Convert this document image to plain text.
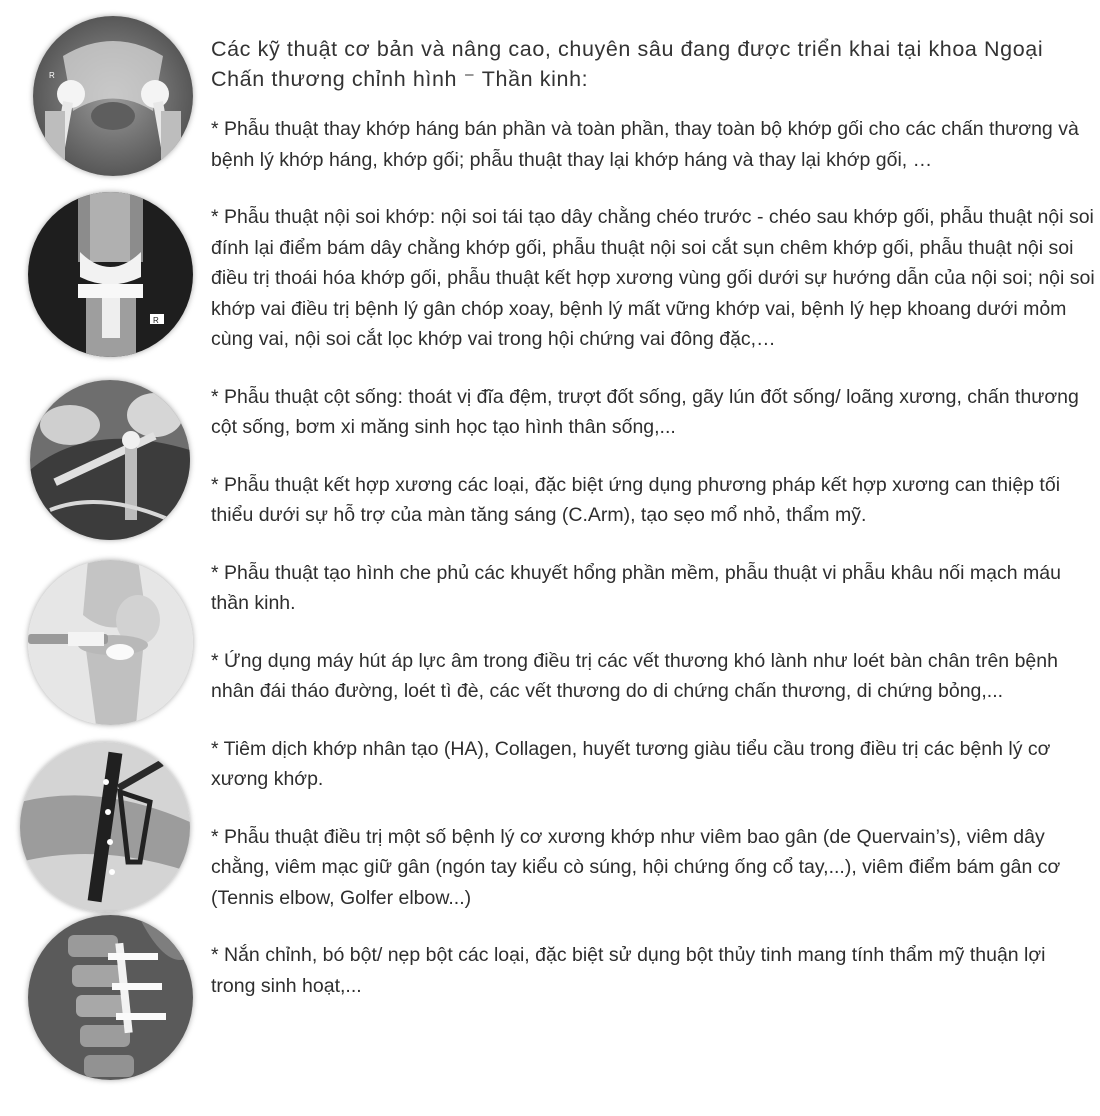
R
R

Các kỹ thuật cơ bản và nâng cao, chuyên sâu đang được triển khai tại khoa Ngoại Chấn thương chỉnh hình ⁻ Thần kinh:

* Phẫu thuật thay khớp háng bán phần và toàn phần, thay toàn bộ khớp gối cho các chấn thương và bệnh lý khớp háng, khớp gối; phẫu thuật thay lại khớp háng và thay lại khớp gối, …

* Phẫu thuật nội soi khớp: nội soi tái tạo dây chằng chéo trước - chéo sau khớp gối, phẫu thuật nội soi đính lại điểm bám dây chằng khớp gối, phẫu thuật nội soi cắt sụn chêm khớp gối, phẫu thuật nội soi điều trị thoái hóa khớp gối, phẫu thuật kết hợp xương vùng gối dưới sự hướng dẫn của nội soi; nội soi khớp vai điều trị bệnh lý gân chóp xoay, bệnh lý mất vững khớp vai, bệnh lý hẹp khoang dưới mỏm cùng vai, nội soi cắt lọc khớp vai trong hội chứng vai đông đặc,…

* Phẫu thuật cột sống: thoát vị đĩa đệm, trượt đốt sống, gãy lún đốt sống/ loãng xương, chấn thương cột sống, bơm xi măng sinh học tạo hình thân sống,...

* Phẫu thuật kết hợp xương các loại, đặc biệt ứng dụng phương pháp kết hợp xương can thiệp tối thiểu dưới sự hỗ trợ của màn tăng sáng (C.Arm), tạo sẹo mổ nhỏ, thẩm mỹ.

* Phẫu thuật tạo hình che phủ các khuyết hổng phần mềm, phẫu thuật vi phẫu khâu nối mạch máu thần kinh.

* Ứng dụng máy hút áp lực âm trong điều trị các vết thương khó lành như loét bàn chân trên bệnh nhân đái tháo đường, loét tì đè, các vết thương do di chứng chấn thương, di chứng bỏng,...

* Tiêm dịch khớp nhân tạo (HA), Collagen, huyết tương giàu tiểu cầu trong điều trị các bệnh lý cơ xương khớp.

* Phẫu thuật điều trị một số bệnh lý cơ xương khớp như viêm bao gân (de Quervain’s), viêm dây chằng, viêm mạc giữ gân (ngón tay kiểu cò súng, hội chứng ống cổ tay,...), viêm điểm bám gân cơ (Tennis elbow, Golfer elbow...)

* Nắn chỉnh, bó bột/ nẹp bột các loại, đặc biệt sử dụng bột thủy tinh mang tính thẩm mỹ thuận lợi trong sinh hoạt,...
